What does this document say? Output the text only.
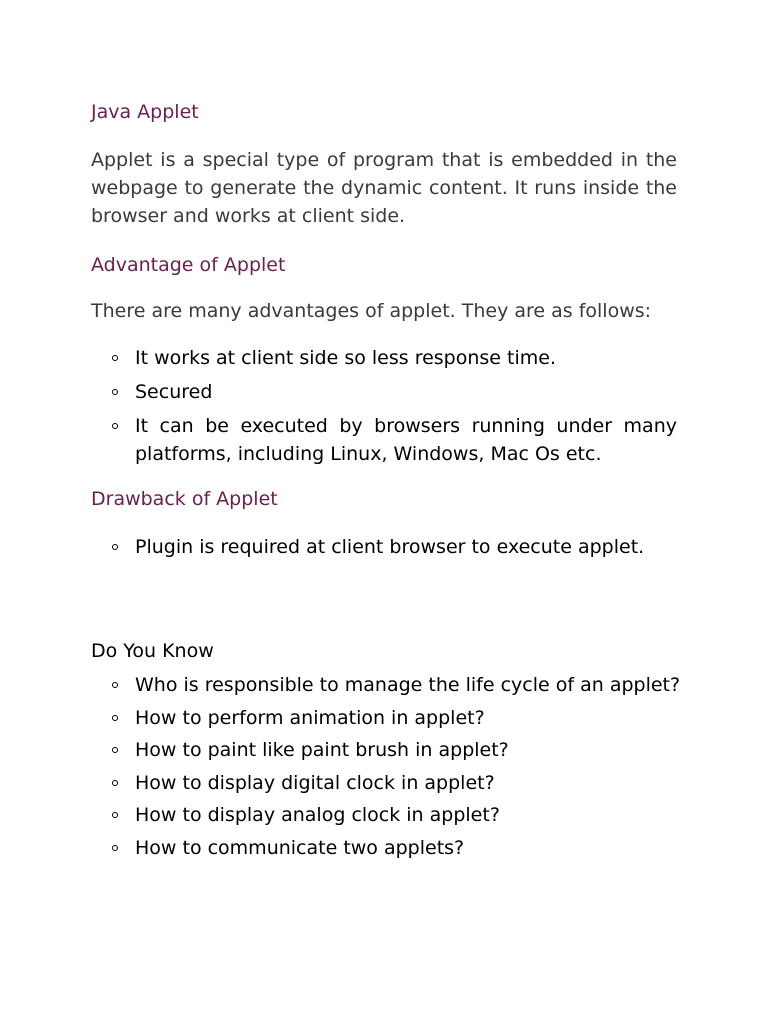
Java Applet

Applet is a special type of program that is embedded in the webpage to generate the dynamic content. It runs inside the browser and works at client side.

Advantage of Applet

There are many advantages of applet. They are as follows:

It works at client side so less response time.
Secured
It can be executed by browsers running under many platforms, including Linux, Windows, Mac Os etc.
Drawback of Applet
Plugin is required at client browser to execute applet.

Do You Know

Who is responsible to manage the life cycle of an applet?
How to perform animation in applet?
How to paint like paint brush in applet?
How to display digital clock in applet?
How to display analog clock in applet?
How to communicate two applets?
